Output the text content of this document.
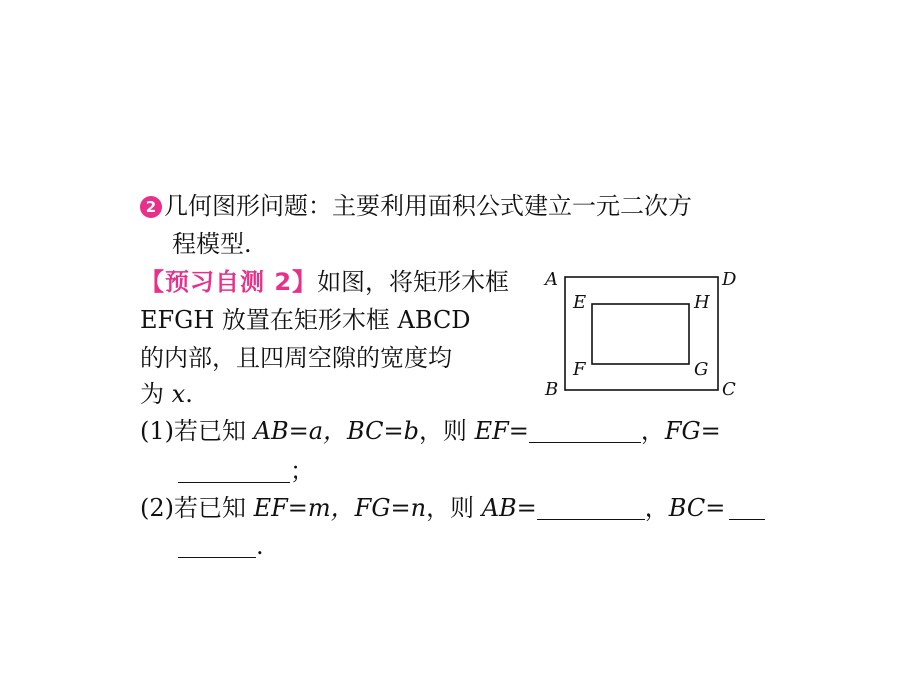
2 几何图形问题：主要利用面积公式建立一元二次方
程模型.
【预习自测 2】如图，将矩形木框
EFGH 放置在矩形木框 ABCD
的内部，且四周空隙的宽度均
为 x.
A	D
B	C
E	H
F	G
(1)若已知 AB=a，BC=b，则 EF=	，FG=
；
(2)若已知 EF=m，FG=n，则 AB=	，BC=
.
